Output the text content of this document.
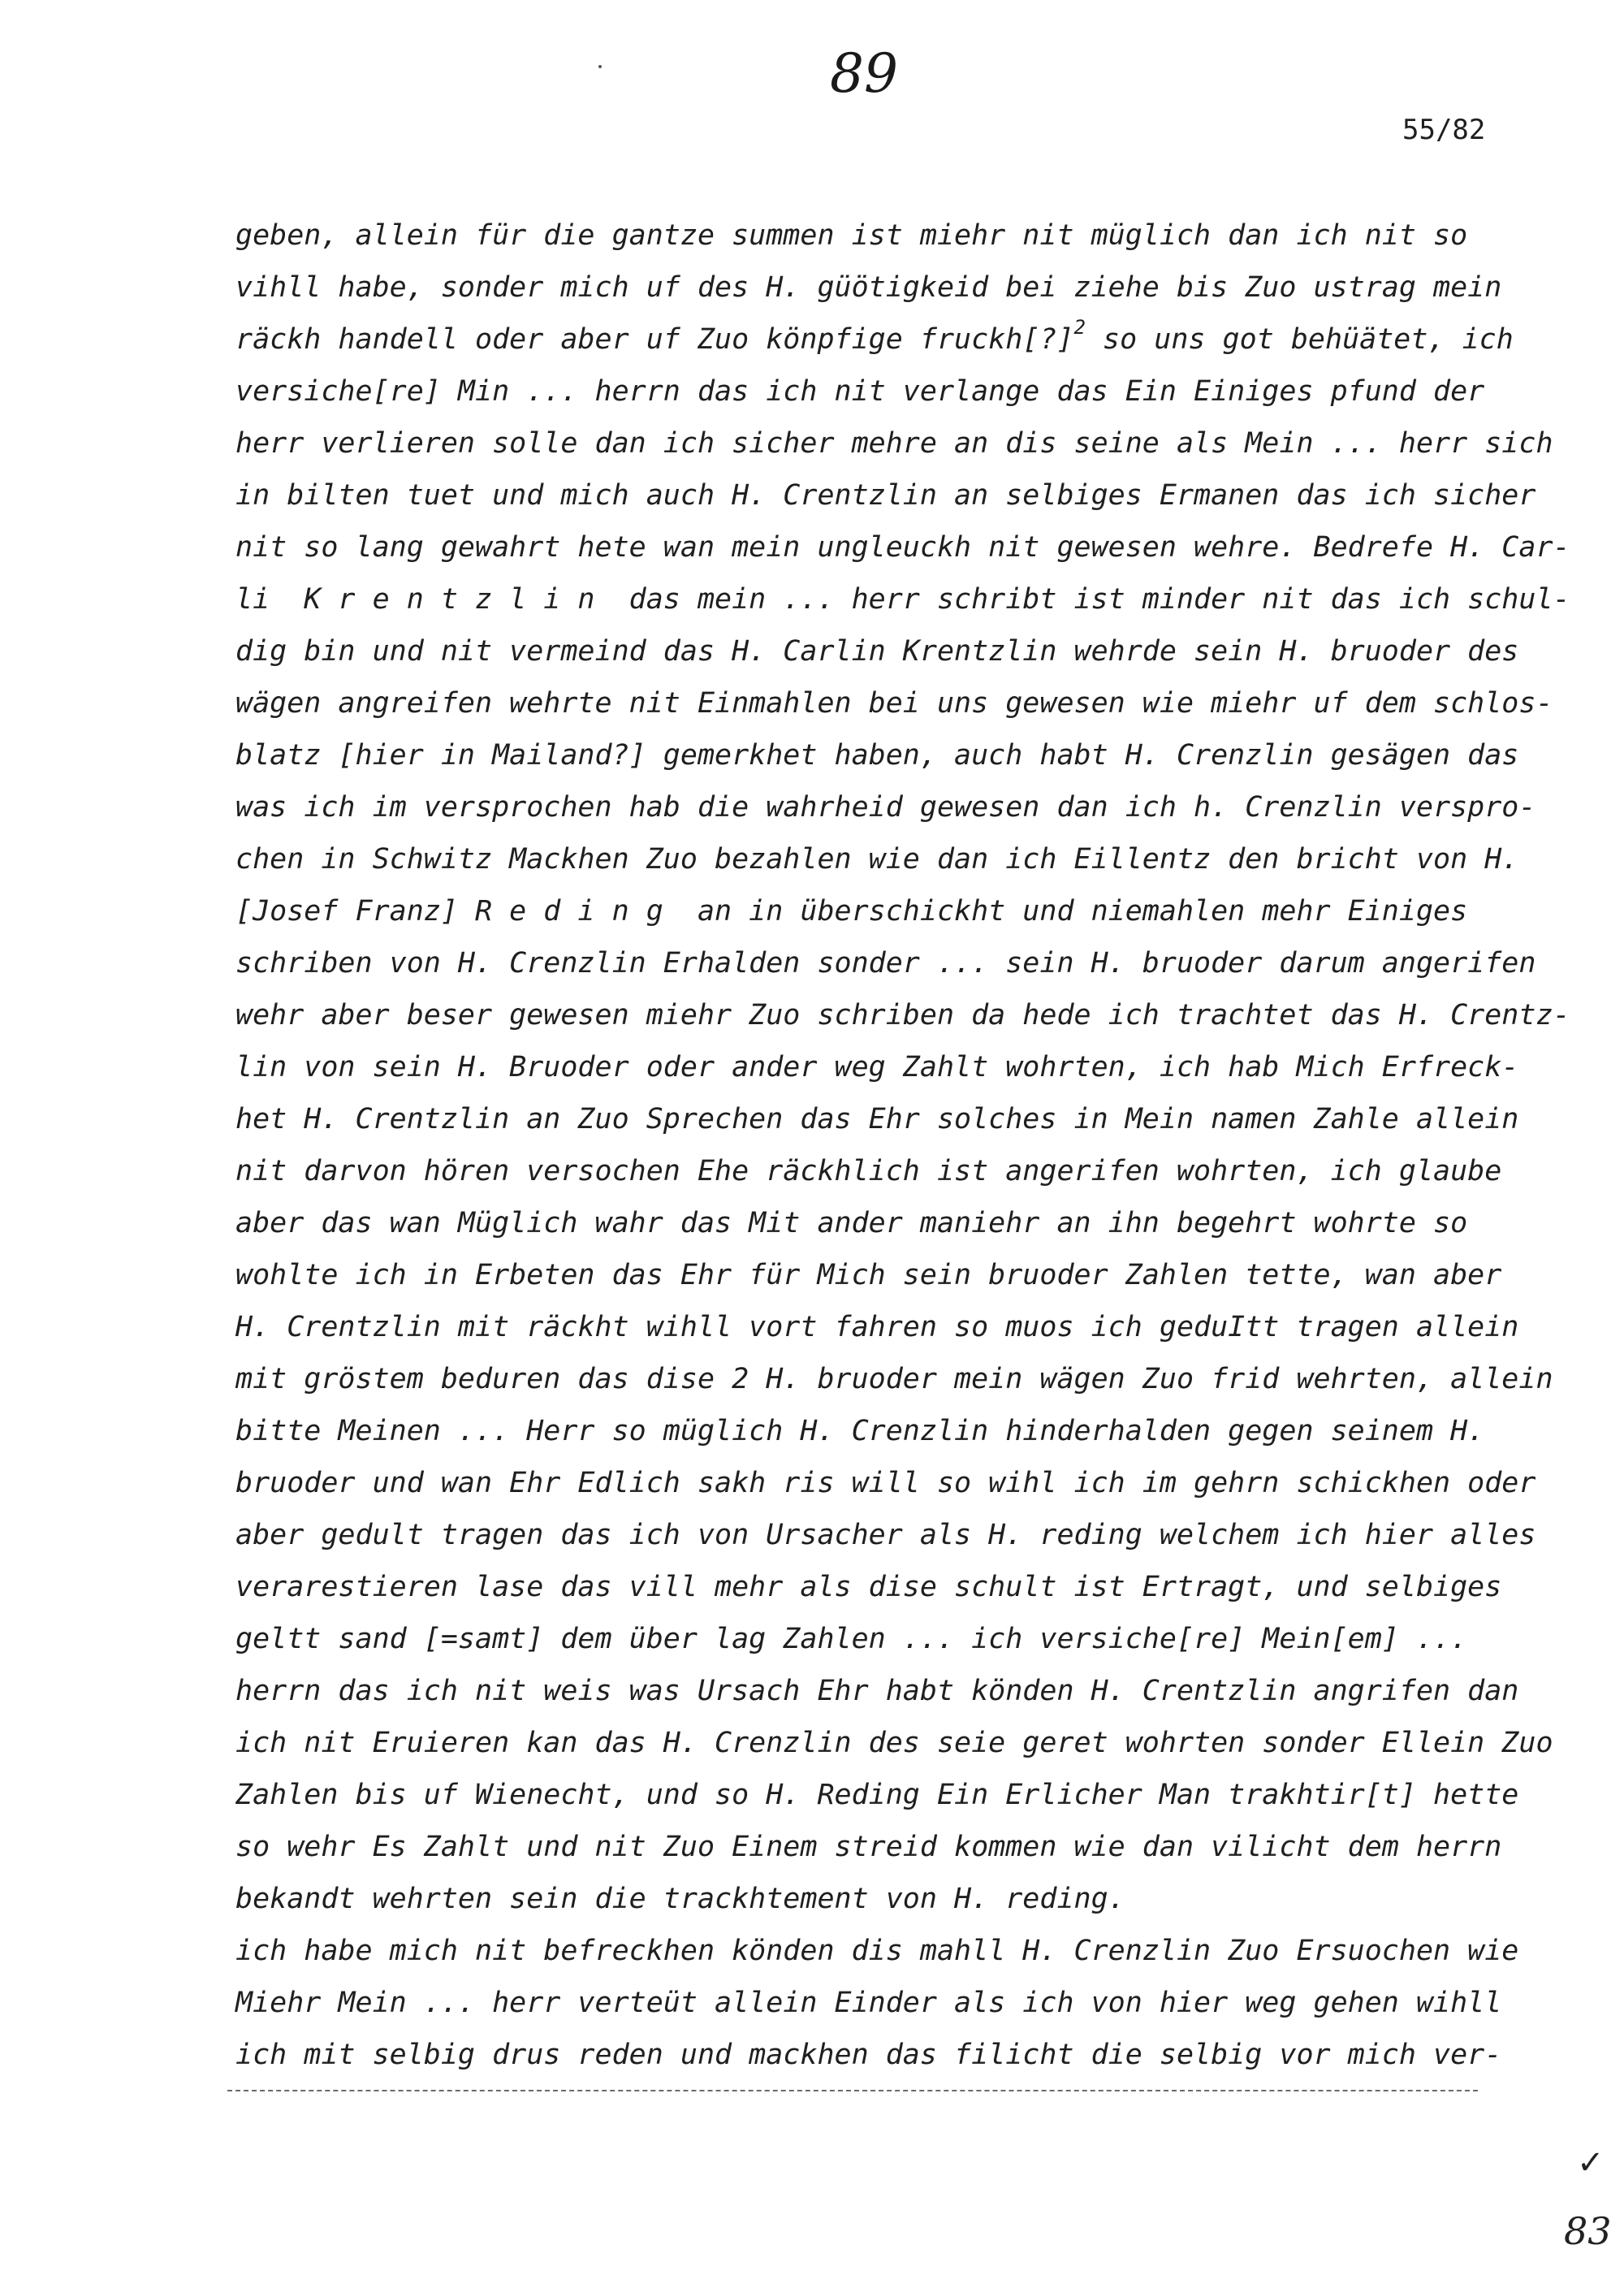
89
55/82
geben, allein für die gantze summen ist miehr nit müglich dan ich nit so
vihll habe, sonder mich uf des H. güötigkeid bei ziehe bis Zuo ustrag mein
räckh handell oder aber uf Zuo könpfige fruckh[?]$^2$ so uns got behüätet, ich
versiche[re] Min ... herrn das ich nit verlange das Ein Einiges pfund der
herr verlieren solle dan ich sicher mehre an dis seine als Mein ... herr sich
in bilten tuet und mich auch H. Crentzlin an selbiges Ermanen das ich sicher
nit so lang gewahrt hete wan mein ungleuckh nit gewesen wehre. Bedrefe H. Car-
li  K r e n t z l i n  das mein ... herr schribt ist minder nit das ich schul-
dig bin und nit vermeind das H. Carlin Krentzlin wehrde sein H. bruoder des
wägen angreifen wehrte nit Einmahlen bei uns gewesen wie miehr uf dem schlos-
blatz [hier in Mailand?] gemerkhet haben, auch habt H. Crenzlin gesägen das
was ich im versprochen hab die wahrheid gewesen dan ich h. Crenzlin verspro-
chen in Schwitz Mackhen Zuo bezahlen wie dan ich Eillentz den bricht von H.
[Josef Franz] R e d i n g  an in überschickht und niemahlen mehr Einiges
schriben von H. Crenzlin Erhalden sonder ... sein H. bruoder darum angerifen
wehr aber beser gewesen miehr Zuo schriben da hede ich trachtet das H. Crentz-
lin von sein H. Bruoder oder ander weg Zahlt wohrten, ich hab Mich Erfreck-
het H. Crentzlin an Zuo Sprechen das Ehr solches in Mein namen Zahle allein
nit darvon hören versochen Ehe räckhlich ist angerifen wohrten, ich glaube
aber das wan Müglich wahr das Mit ander maniehr an ihn begehrt wohrte so
wohlte ich in Erbeten das Ehr für Mich sein bruoder Zahlen tette, wan aber
H. Crentzlin mit räckht wihll vort fahren so muos ich geduItt tragen allein
mit gröstem beduren das dise 2 H. bruoder mein wägen Zuo frid wehrten, allein
bitte Meinen ... Herr so müglich H. Crenzlin hinderhalden gegen seinem H.
bruoder und wan Ehr Edlich sakh ris will so wihl ich im gehrn schickhen oder
aber gedult tragen das ich von Ursacher als H. reding welchem ich hier alles
verarestieren lase das vill mehr als dise schult ist Ertragt, und selbiges
geltt sand [=samt] dem über lag Zahlen ... ich versiche[re] Mein[em] ...
herrn das ich nit weis was Ursach Ehr habt könden H. Crentzlin angrifen dan
ich nit Eruieren kan das H. Crenzlin des seie geret wohrten sonder Ellein Zuo
Zahlen bis uf Wienecht, und so H. Reding Ein Erlicher Man trakhtir[t] hette
so wehr Es Zahlt und nit Zuo Einem streid kommen wie dan vilicht dem herrn
bekandt wehrten sein die trackhtement von H. reding.
ich habe mich nit befreckhen könden dis mahll H. Crenzlin Zuo Ersuochen wie
Miehr Mein ... herr verteüt allein Einder als ich von hier weg gehen wihll
ich mit selbig drus reden und mackhen das filicht die selbig vor mich ver-
✓
83
